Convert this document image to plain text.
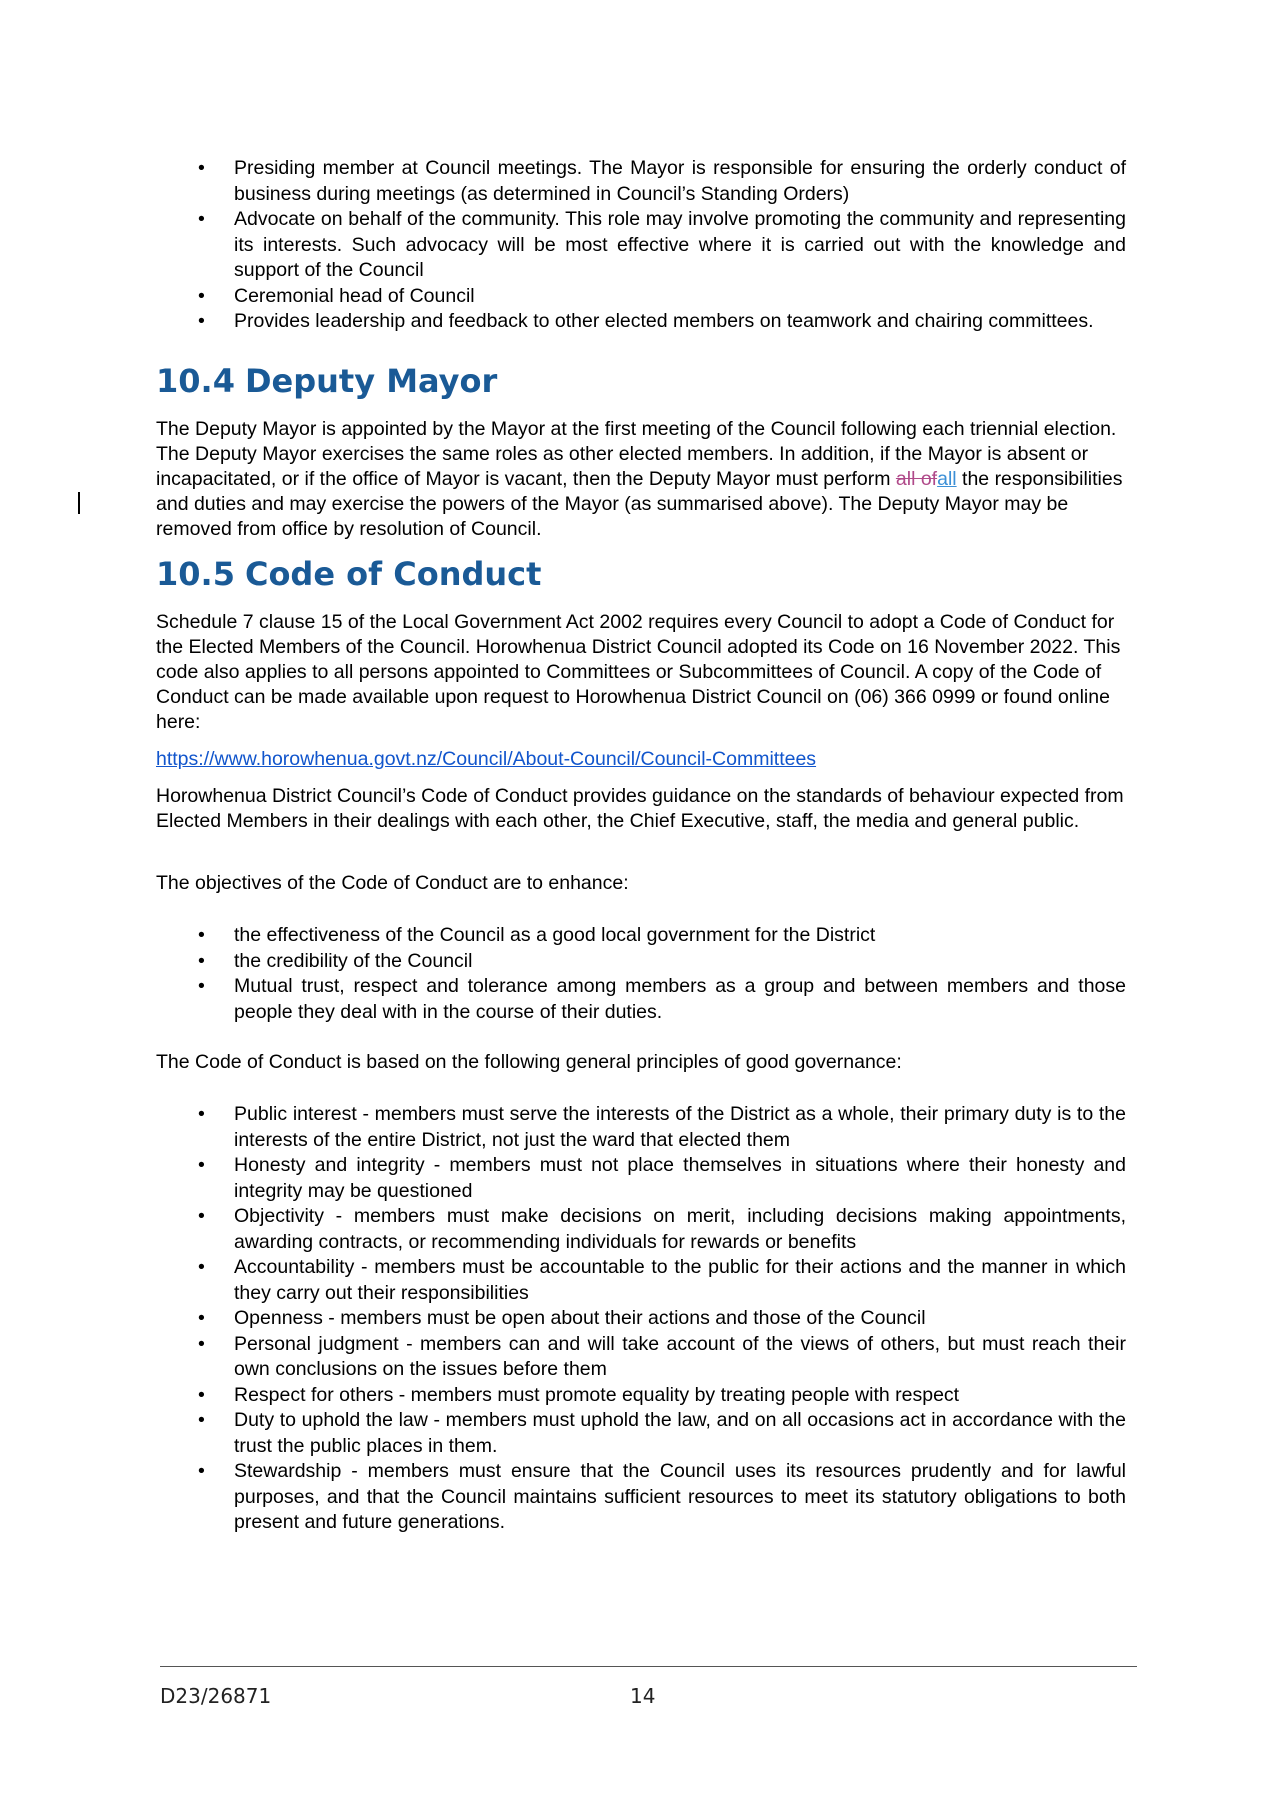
•	Presiding member at Council meetings. The Mayor is responsible for ensuring the orderly conduct of business during meetings (as determined in Council’s Standing Orders)
•	Advocate on behalf of the community. This role may involve promoting the community and representing its interests. Such advocacy will be most effective where it is carried out with the knowledge and support of the Council
•	Ceremonial head of Council
•	Provides leadership and feedback to other elected members on teamwork and chairing committees.
10.4 Deputy Mayor

The Deputy Mayor is appointed by the Mayor at the first meeting of the Council following each triennial election. The Deputy Mayor exercises the same roles as other elected members. In addition, if the Mayor is absent or incapacitated, or if the office of Mayor is vacant, then the Deputy Mayor must perform all ofall the responsibilities and duties and may exercise the powers of the Mayor (as summarised above). The Deputy Mayor may be removed from office by resolution of Council.

10.5 Code of Conduct

Schedule 7 clause 15 of the Local Government Act 2002 requires every Council to adopt a Code of Conduct for the Elected Members of the Council. Horowhenua District Council adopted its Code on 16 November 2022. This code also applies to all persons appointed to Committees or Subcommittees of Council. A copy of the Code of Conduct can be made available upon request to Horowhenua District Council on (06) 366 0999 or found online here:

https://www.horowhenua.govt.nz/Council/About-Council/Council-Committees

Horowhenua District Council’s Code of Conduct provides guidance on the standards of behaviour expected from Elected Members in their dealings with each other, the Chief Executive, staff, the media and general public.

The objectives of the Code of Conduct are to enhance:

•	the effectiveness of the Council as a good local government for the District
•	the credibility of the Council
•	Mutual trust, respect and tolerance among members as a group and between members and those people they deal with in the course of their duties.

The Code of Conduct is based on the following general principles of good governance:

•	Public interest - members must serve the interests of the District as a whole, their primary duty is to the interests of the entire District, not just the ward that elected them
•	Honesty and integrity - members must not place themselves in situations where their honesty and integrity may be questioned
•	Objectivity - members must make decisions on merit, including decisions making appointments, awarding contracts, or recommending individuals for rewards or benefits
•	Accountability - members must be accountable to the public for their actions and the manner in which they carry out their responsibilities
•	Openness - members must be open about their actions and those of the Council
•	Personal judgment - members can and will take account of the views of others, but must reach their own conclusions on the issues before them
•	Respect for others - members must promote equality by treating people with respect
•	Duty to uphold the law - members must uphold the law, and on all occasions act in accordance with the trust the public places in them.
•	Stewardship - members must ensure that the Council uses its resources prudently and for lawful purposes, and that the Council maintains sufficient resources to meet its statutory obligations to both present and future generations.
D23/26871	14
